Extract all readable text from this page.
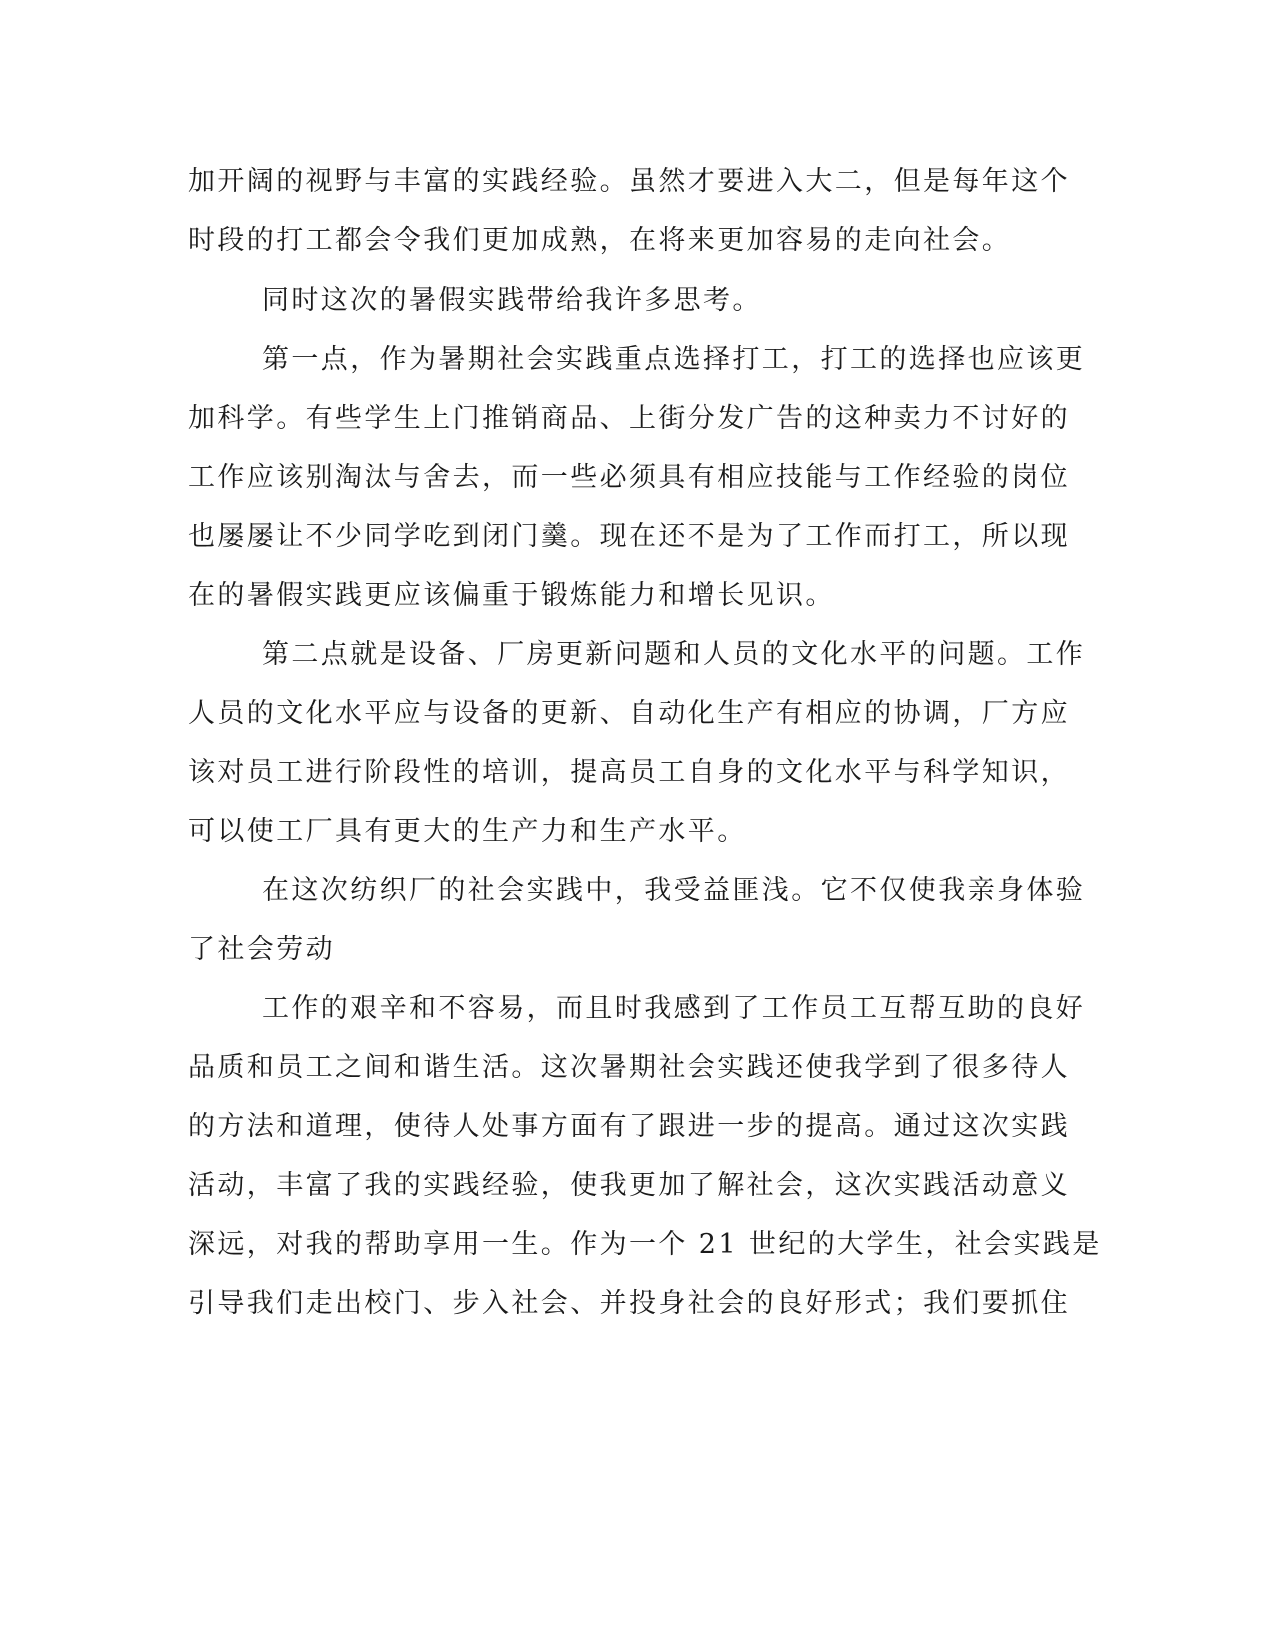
加开阔的视野与丰富的实践经验。虽然才要进入大二，但是每年这个
时段的打工都会令我们更加成熟，在将来更加容易的走向社会。
同时这次的暑假实践带给我许多思考。
第一点，作为暑期社会实践重点选择打工，打工的选择也应该更
加科学。有些学生上门推销商品、上街分发广告的这种卖力不讨好的
工作应该别淘汰与舍去，而一些必须具有相应技能与工作经验的岗位
也屡屡让不少同学吃到闭门羹。现在还不是为了工作而打工，所以现
在的暑假实践更应该偏重于锻炼能力和增长见识。
第二点就是设备、厂房更新问题和人员的文化水平的问题。工作
人员的文化水平应与设备的更新、自动化生产有相应的协调，厂方应
该对员工进行阶段性的培训，提高员工自身的文化水平与科学知识，
可以使工厂具有更大的生产力和生产水平。
在这次纺织厂的社会实践中，我受益匪浅。它不仅使我亲身体验
了社会劳动
工作的艰辛和不容易，而且时我感到了工作员工互帮互助的良好
品质和员工之间和谐生活。这次暑期社会实践还使我学到了很多待人
的方法和道理，使待人处事方面有了跟进一步的提高。通过这次实践
活动，丰富了我的实践经验，使我更加了解社会，这次实践活动意义
深远，对我的帮助享用一生。作为一个 21 世纪的大学生，社会实践是
引导我们走出校门、步入社会、并投身社会的良好形式；我们要抓住
